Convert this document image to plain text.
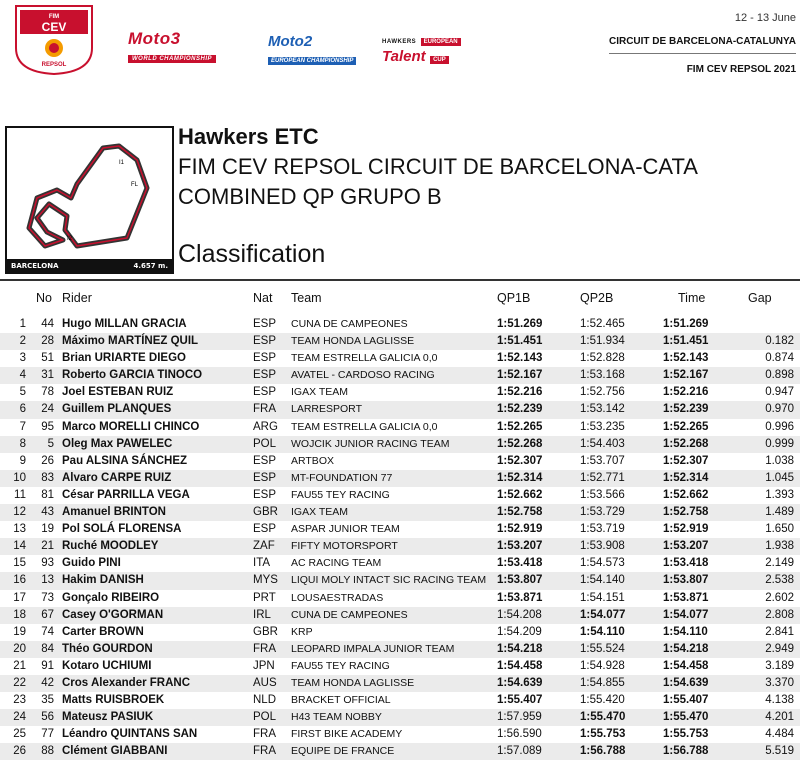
FIM
CEV
REPSOL
Moto3
WORLD CHAMPIONSHIP
Moto2
EUROPEAN CHAMPIONSHIP
HAWKERS EUROPEAN
Talent CUP
12 - 13 June
CIRCUIT DE BARCELONA-CATALUNYA
FIM CEV REPSOL 2021
FL
I1
I2
BARCELONA	4.657 m.
Hawkers ETC
FIM CEV REPSOL CIRCUIT DE BARCELONA-CATA
COMBINED QP GRUPO B
Classification
No Rider	Nat	Team	QP1B	QP2B	Time	Gap
1	44 Hugo MILLAN GRACIA	ESP	CUNA DE CAMPEONES	1:51.269	1:52.465	1:51.269
2	28 Máximo MARTÍNEZ QUIL	ESP	TEAM HONDA LAGLISSE	1:51.451	1:51.934	1:51.451	0.182
3	51 Brian URIARTE DIEGO	ESP	TEAM ESTRELLA GALICIA 0,0	1:52.143	1:52.828	1:52.143	0.874
4	31 Roberto GARCIA TINOCO	ESP	AVATEL - CARDOSO RACING	1:52.167	1:53.168	1:52.167	0.898
5	78 Joel ESTEBAN RUIZ	ESP	IGAX TEAM	1:52.216	1:52.756	1:52.216	0.947
6	24 Guillem PLANQUES	FRA	LARRESPORT	1:52.239	1:53.142	1:52.239	0.970
7	95 Marco MORELLI CHINCO	ARG	TEAM ESTRELLA GALICIA 0,0	1:52.265	1:53.235	1:52.265	0.996
8	5 Oleg Max PAWELEC	POL	WOJCIK JUNIOR RACING TEAM	1:52.268	1:54.403	1:52.268	0.999
9	26 Pau ALSINA SÁNCHEZ	ESP	ARTBOX	1:52.307	1:53.707	1:52.307	1.038
10	83 Alvaro CARPE RUIZ	ESP	MT-FOUNDATION 77	1:52.314	1:52.771	1:52.314	1.045
11	81 César PARRILLA VEGA	ESP	FAU55 TEY RACING	1:52.662	1:53.566	1:52.662	1.393
12	43 Amanuel BRINTON	GBR	IGAX TEAM	1:52.758	1:53.729	1:52.758	1.489
13	19 Pol SOLÁ FLORENSA	ESP	ASPAR JUNIOR TEAM	1:52.919	1:53.719	1:52.919	1.650
14	21 Ruché MOODLEY	ZAF	FIFTY MOTORSPORT	1:53.207	1:53.908	1:53.207	1.938
15	93 Guido PINI	ITA	AC RACING TEAM	1:53.418	1:54.573	1:53.418	2.149
16	13 Hakim DANISH	MYS	LIQUI MOLY INTACT SIC RACING TEAM 1:53.807	1:54.140	1:53.807	2.538
17	73 Gonçalo RIBEIRO	PRT	LOUSAESTRADAS	1:53.871	1:54.151	1:53.871	2.602
18	67 Casey O'GORMAN	IRL	CUNA DE CAMPEONES	1:54.208	1:54.077	1:54.077	2.808
19	74 Carter BROWN	GBR	KRP	1:54.209	1:54.110	1:54.110	2.841
20	84 Théo GOURDON	FRA	LEOPARD IMPALA JUNIOR TEAM	1:54.218	1:55.524	1:54.218	2.949
21	91 Kotaro UCHIUMI	JPN	FAU55 TEY RACING	1:54.458	1:54.928	1:54.458	3.189
22	42 Cros Alexander FRANC	AUS	TEAM HONDA LAGLISSE	1:54.639	1:54.855	1:54.639	3.370
23	35 Matts RUISBROEK	NLD	BRACKET OFFICIAL	1:55.407	1:55.420	1:55.407	4.138
24	56 Mateusz PASIUK	POL	H43 TEAM NOBBY	1:57.959	1:55.470	1:55.470	4.201
25	77 Léandro QUINTANS SAN	FRA	FIRST BIKE ACADEMY	1:56.590	1:55.753	1:55.753	4.484
26	88 Clément GIABBANI	FRA	EQUIPE DE FRANCE	1:57.089	1:56.788	1:56.788	5.519
